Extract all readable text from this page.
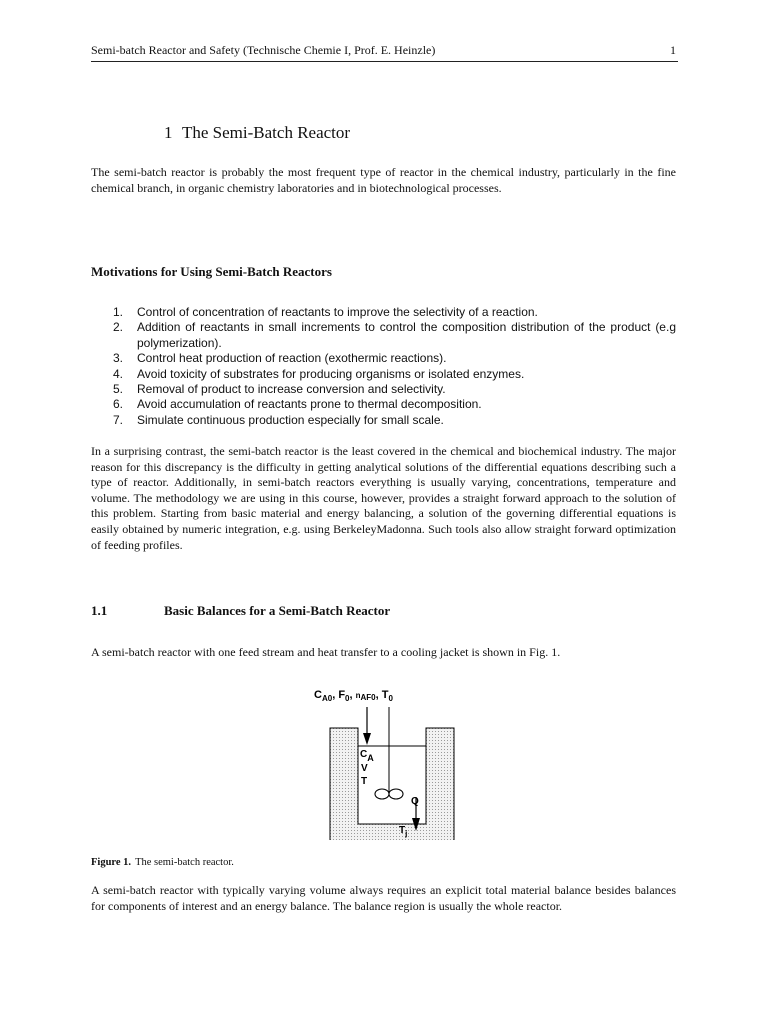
Semi-batch Reactor and Safety (Technische Chemie I, Prof. E. Heinzle)	1
1 The Semi-Batch Reactor

The semi-batch reactor is probably the most frequent type of reactor in the chemical industry, particularly in the fine chemical branch, in organic chemistry laboratories and in biotechnological processes.

Motivations for Using Semi-Batch Reactors
1. Control of concentration of reactants to improve the selectivity of a reaction.
2. Addition of reactants in small increments to control the composition distribution of the product (e.g polymerization).
3. Control heat production of reaction (exothermic reactions).
4. Avoid toxicity of substrates for producing organisms or isolated enzymes.
5. Removal of product to increase conversion and selectivity.
6. Avoid accumulation of reactants prone to thermal decomposition.
7. Simulate continuous production especially for small scale.

In a surprising contrast, the semi-batch reactor is the least covered in the chemical and biochemical industry. The major reason for this discrepancy is the difficulty in getting analytical solutions of the differential equations describing such a type of reactor. Additionally, in semi-batch reactors everything is usually varying, concentrations, temperature and volume. The methodology we are using in this course, however, provides a straight forward approach to the solution of this problem. Starting from basic material and energy balancing, a solution of the governing differential equations is easily obtained by numeric integration, e.g. using BerkeleyMadonna. Such tools also allow straight forward optimization of feeding profiles.

1.1	Basic Balances for a Semi-Batch Reactor

A semi-batch reactor with one feed stream and heat transfer to a cooling jacket is shown in Fig. 1.

$C_{A0}$, $F_0$, nAF0, $T_0$
CA
V
T
Q
$T_j$
Figure 1. The semi-batch reactor.

A semi-batch reactor with typically varying volume always requires an explicit total material balance besides balances for components of interest and an energy balance. The balance region is usually the whole reactor.
